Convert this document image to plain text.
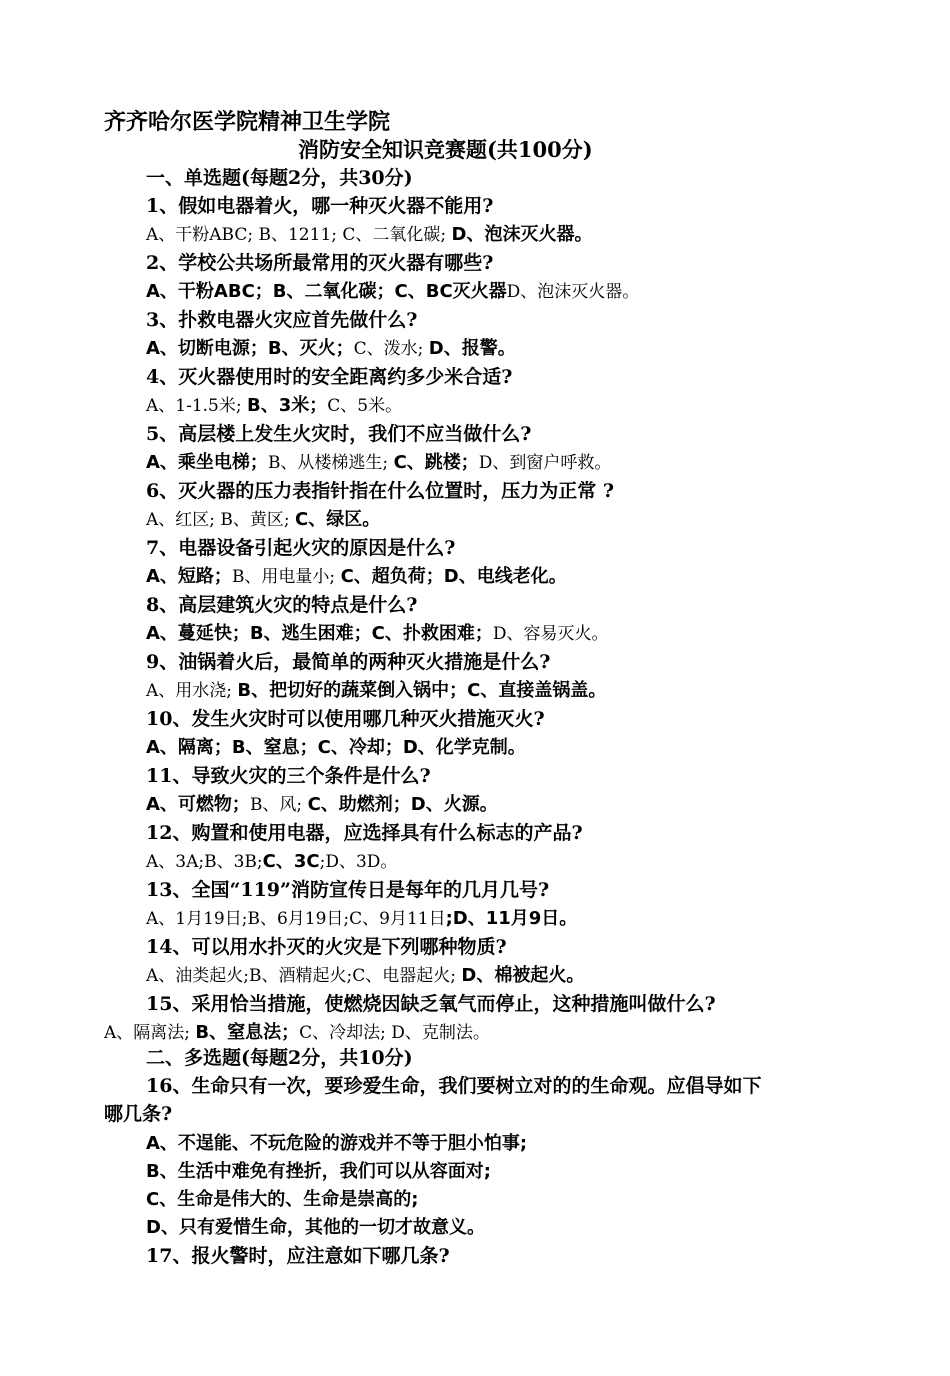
齐齐哈尔医学院精神卫生学院
消防安全知识竞赛题(共100分)
一、单选题(每题2分，共30分)
1、假如电器着火，哪一种灭火器不能用?
A、干粉ABC; B、1211; C、二氧化碳; D、泡沫灭火器。
2、学校公共场所最常用的灭火器有哪些?
A、干粉ABC；B、二氧化碳；C、BC灭火器D、泡沫灭火器。
3、扑救电器火灾应首先做什么?
A、切断电源；B、灭火；C、泼水; D、报警。
4、灭火器使用时的安全距离约多少米合适?
A、1-1.5米; B、3米；C、5米。
5、高层楼上发生火灾时，我们不应当做什么?
A、乘坐电梯；B、从楼梯逃生; C、跳楼；D、到窗户呼救。
6、灭火器的压力表指针指在什么位置时，压力为正常 ?
A、红区; B、黄区; C、绿区。
7、电器设备引起火灾的原因是什么?
A、短路；B、用电量小; C、超负荷；D、电线老化。
8、高层建筑火灾的特点是什么?
A、蔓延快；B、逃生困难；C、扑救困难；D、容易灭火。
9、油锅着火后，最简单的两种灭火措施是什么?
A、用水浇; B、把切好的蔬菜倒入锅中；C、直接盖锅盖。
10、发生火灾时可以使用哪几种灭火措施灭火?
A、隔离；B、窒息；C、冷却；D、化学克制。
11、导致火灾的三个条件是什么?
A、可燃物；B、风; C、助燃剂；D、火源。
12、购置和使用电器，应选择具有什么标志的产品?
A、3A;B、3B;C、3C;D、3D。
13、全国“119”消防宣传日是每年的几月几号?
A、1月19日;B、6月19日;C、9月11日;D、11月9日。
14、可以用水扑灭的火灾是下列哪种物质?
A、油类起火;B、酒精起火;C、电器起火; D、棉被起火。
15、采用恰当措施，使燃烧因缺乏氧气而停止，这种措施叫做什么?
A、隔离法; B、窒息法；C、冷却法; D、克制法。
二、多选题(每题2分，共10分)
16、生命只有一次，要珍爱生命，我们要树立对的的生命观。应倡导如下
哪几条?
A、不逞能、不玩危险的游戏并不等于胆小怕事;
B、生活中难免有挫折，我们可以从容面对;
C、生命是伟大的、生命是崇高的;
D、只有爱惜生命，其他的一切才故意义。
17、报火警时，应注意如下哪几条?
